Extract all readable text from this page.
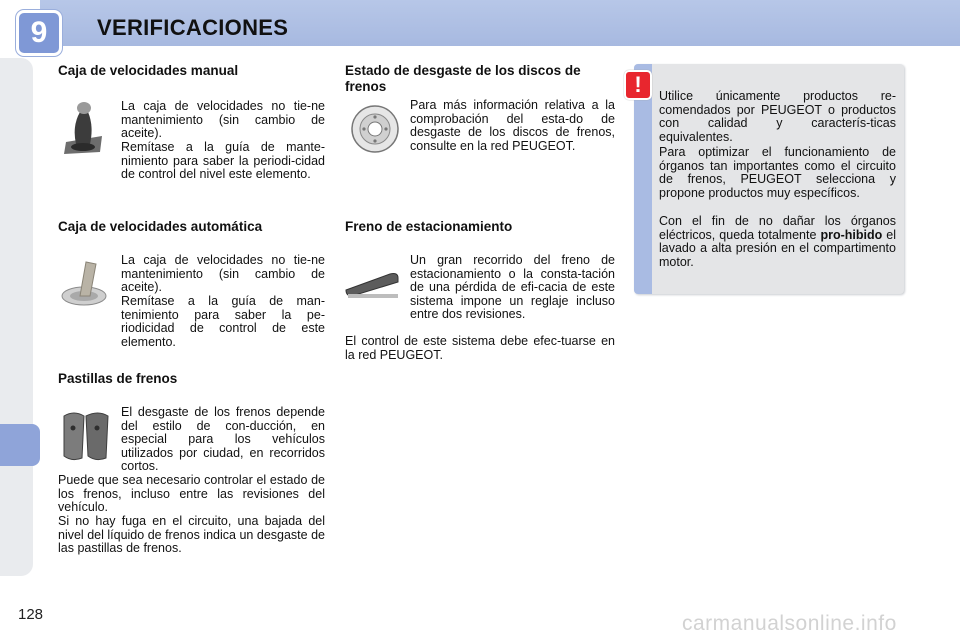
9	VERIFICACIONES
Caja de velocidades manual
La caja de velocidades no tie-ne mantenimiento (sin cambio de aceite).
Remítase a la guía de mante-nimiento para saber la periodi-cidad de control del nivel este elemento.
Caja de velocidades automática
La caja de velocidades no tie-ne mantenimiento (sin cambio de aceite).
Remítase a la guía de man-tenimiento para saber la pe-riodicidad de control de este elemento.
Pastillas de frenos
El desgaste de los frenos depende del estilo de con-ducción, en especial para los vehículos utilizados por ciudad, en recorridos cortos.
Puede que sea necesario controlar el estado de los frenos, incluso entre las revisiones del vehículo.
Si no hay fuga en el circuito, una bajada del nivel del líquido de frenos indica un desgaste de las pastillas de frenos.
Estado de desgaste de los discos de frenos
Para más información relativa a la comprobación del esta-do de desgaste de los discos de frenos, consulte en la red PEUGEOT.
Freno de estacionamiento
Un gran recorrido del freno de estacionamiento o la consta-tación de una pérdida de efi-cacia de este sistema impone un reglaje incluso entre dos revisiones.
El control de este sistema debe efec-tuarse en la red PEUGEOT.
!	Utilice únicamente productos re-comendados por PEUGEOT o productos con calidad y caracterís-ticas equivalentes.
Para optimizar el funcionamiento de órganos tan importantes como el circuito de frenos, PEUGEOT selecciona y propone productos muy específicos.
Con el fin de no dañar los órganos eléctricos, queda totalmente pro-hibido el lavado a alta presión en el compartimento motor.
128	carmanualsonline.info
